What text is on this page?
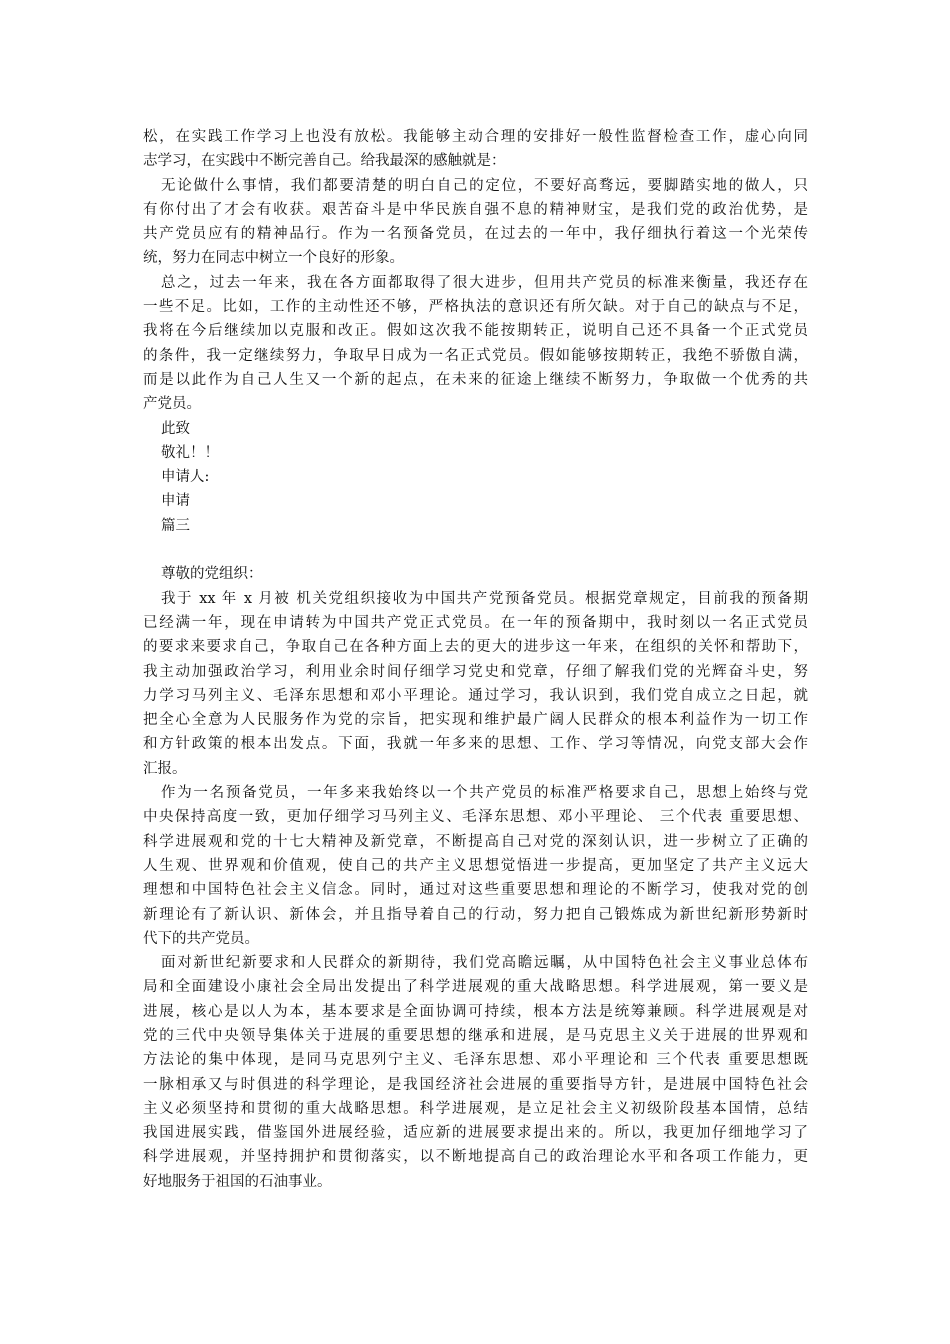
松，在实践工作学习上也没有放松。我能够主动合理的安排好一般性监督检查工作，虚心向同
志学习，在实践中不断完善自己。给我最深的感触就是：
无论做什么事情，我们都要清楚的明白自己的定位，不要好高骛远，要脚踏实地的做人，只
有你付出了才会有收获。艰苦奋斗是中华民族自强不息的精神财宝，是我们党的政治优势，是
共产党员应有的精神品行。作为一名预备党员，在过去的一年中，我仔细执行着这一个光荣传
统，努力在同志中树立一个良好的形象。
总之，过去一年来，我在各方面都取得了很大进步，但用共产党员的标准来衡量，我还存在
一些不足。比如，工作的主动性还不够，严格执法的意识还有所欠缺。对于自己的缺点与不足，
我将在今后继续加以克服和改正。假如这次我不能按期转正，说明自己还不具备一个正式党员
的条件，我一定继续努力，争取早日成为一名正式党员。假如能够按期转正，我绝不骄傲自满，
而是以此作为自己人生又一个新的起点，在未来的征途上继续不断努力，争取做一个优秀的共
产党员。
此致
敬礼！！
申请人:
申请
篇三
尊敬的党组织：
我于 xx 年 x 月被 机关党组织接收为中国共产党预备党员。根据党章规定，目前我的预备期
已经满一年，现在申请转为中国共产党正式党员。在一年的预备期中，我时刻以一名正式党员
的要求来要求自己，争取自己在各种方面上去的更大的进步这一年来，在组织的关怀和帮助下，
我主动加强政治学习，利用业余时间仔细学习党史和党章，仔细了解我们党的光辉奋斗史，努
力学习马列主义、毛泽东思想和邓小平理论。通过学习，我认识到，我们党自成立之日起，就
把全心全意为人民服务作为党的宗旨，把实现和维护最广阔人民群众的根本利益作为一切工作
和方针政策的根本出发点。下面，我就一年多来的思想、工作、学习等情况，向党支部大会作
汇报。
作为一名预备党员，一年多来我始终以一个共产党员的标准严格要求自己，思想上始终与党
中央保持高度一致，更加仔细学习马列主义、毛泽东思想、邓小平理论、 三个代表 重要思想、
科学进展观和党的十七大精神及新党章，不断提高自己对党的深刻认识，进一步树立了正确的
人生观、世界观和价值观，使自己的共产主义思想觉悟进一步提高，更加坚定了共产主义远大
理想和中国特色社会主义信念。同时，通过对这些重要思想和理论的不断学习，使我对党的创
新理论有了新认识、新体会，并且指导着自己的行动，努力把自己锻炼成为新世纪新形势新时
代下的共产党员。
面对新世纪新要求和人民群众的新期待，我们党高瞻远瞩，从中国特色社会主义事业总体布
局和全面建设小康社会全局出发提出了科学进展观的重大战略思想。科学进展观，第一要义是
进展，核心是以人为本，基本要求是全面协调可持续，根本方法是统筹兼顾。科学进展观是对
党的三代中央领导集体关于进展的重要思想的继承和进展，是马克思主义关于进展的世界观和
方法论的集中体现，是同马克思列宁主义、毛泽东思想、邓小平理论和 三个代表 重要思想既
一脉相承又与时俱进的科学理论，是我国经济社会进展的重要指导方针，是进展中国特色社会
主义必须坚持和贯彻的重大战略思想。科学进展观，是立足社会主义初级阶段基本国情，总结
我国进展实践，借鉴国外进展经验，适应新的进展要求提出来的。所以，我更加仔细地学习了
科学进展观，并坚持拥护和贯彻落实，以不断地提高自己的政治理论水平和各项工作能力，更
好地服务于祖国的石油事业。
